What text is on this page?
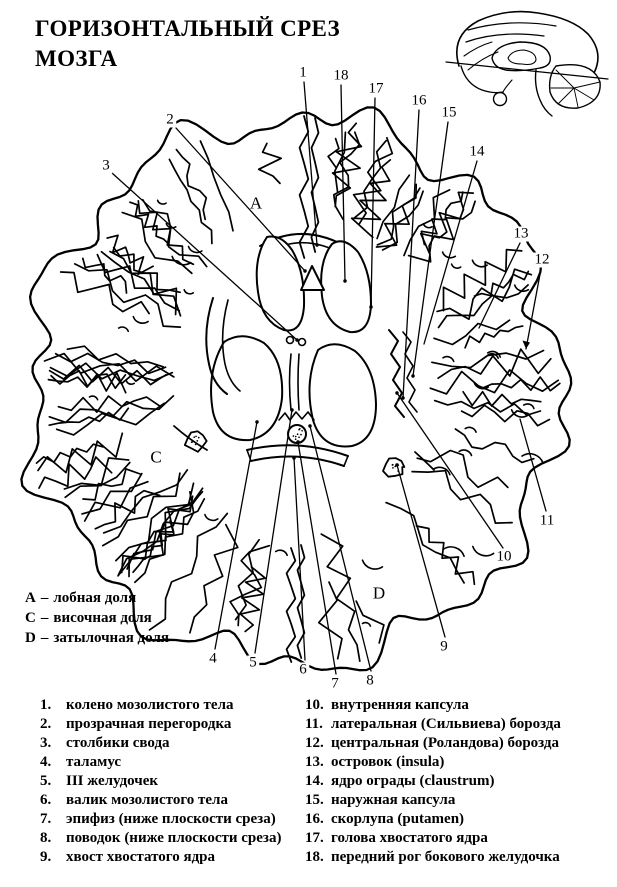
ГОРИЗОНТАЛЬНЫЙ СРЕЗ
МОЗГА
A
C
D
1
2
3
4 5	6
7 8
9
10
11
12
13
14
15
16
17
18
A – лобная доля
C – височная доля
D – затылочная доля
1. колено мозолистого тела
2. прозрачная перегородка
3. столбики свода
4. таламус
5. III желудочек
6. валик мозолистого тела
7. эпифиз (ниже плоскости среза)
8. поводок (ниже плоскости среза)
9. хвост хвостатого ядра
10. внутренняя капсула
11. латеральная (Сильвиева) борозда
12. центральная (Роландова) борозда
13. островок (insula)
14. ядро ограды (claustrum)
15. наружная капсула
16. скорлупа (putamen)
17. голова хвостатого ядра
18. передний рог бокового желудочка
